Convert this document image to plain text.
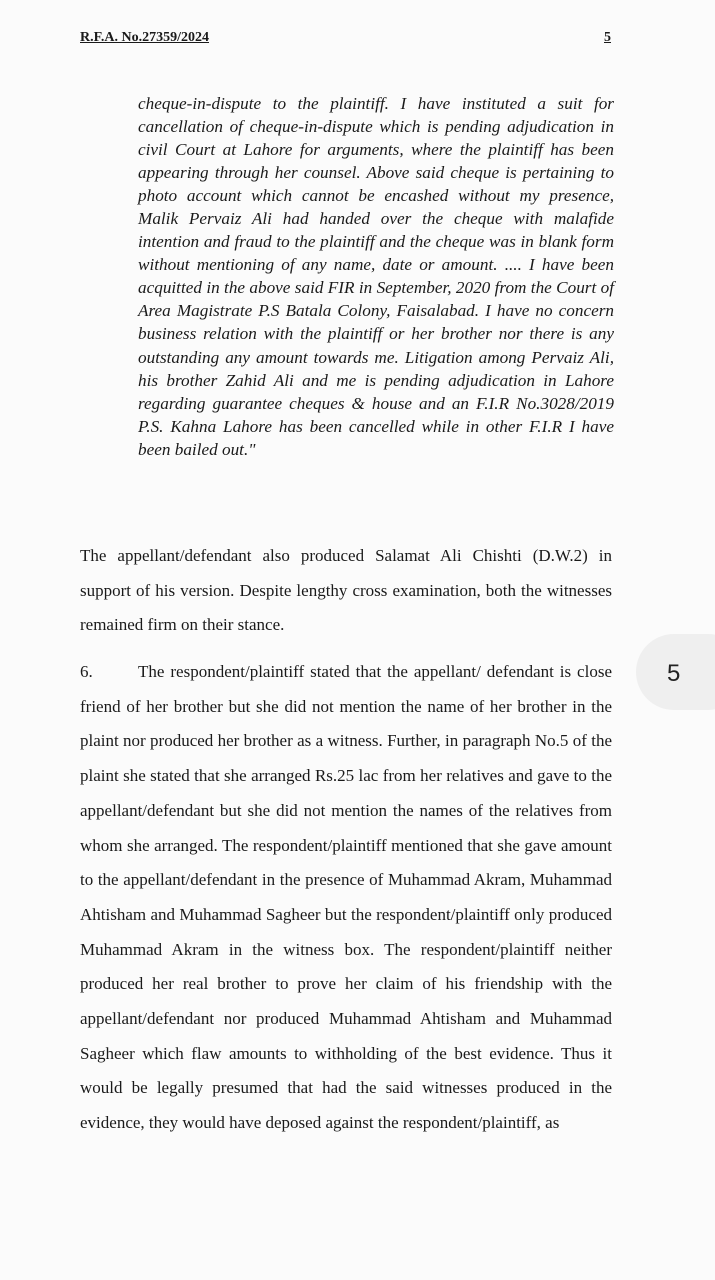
R.F.A. No.27359/2024	5

cheque-in-dispute to the plaintiff. I have instituted a suit for cancellation of cheque-in-dispute which is pending adjudication in civil Court at Lahore for arguments, where the plaintiff has been appearing through her counsel. Above said cheque is pertaining to photo account which cannot be encashed without my presence, Malik Pervaiz Ali had handed over the cheque with malafide intention and fraud to the plaintiff and the cheque was in blank form without mentioning of any name, date or amount. .... I have been acquitted in the above said FIR in September, 2020 from the Court of Area Magistrate P.S Batala Colony, Faisalabad. I have no concern business relation with the plaintiff or her brother nor there is any outstanding any amount towards me. Litigation among Pervaiz Ali, his brother Zahid Ali and me is pending adjudication in Lahore regarding guarantee cheques & house and an F.I.R No.3028/2019 P.S. Kahna Lahore has been cancelled while in other F.I.R I have been bailed out."

The appellant/defendant also produced Salamat Ali Chishti (D.W.2) in support of his version. Despite lengthy cross examination, both the witnesses remained firm on their stance.

6.	The respondent/plaintiff stated that the appellant/ defendant is close friend of her brother but she did not mention the name of her brother in the plaint nor produced her brother as a witness. Further, in paragraph No.5 of the plaint she stated that she arranged Rs.25 lac from her relatives and gave to the appellant/defendant but she did not mention the names of the relatives from whom she arranged. The respondent/plaintiff mentioned that she gave amount to the appellant/defendant in the presence of Muhammad Akram, Muhammad Ahtisham and Muhammad Sagheer but the respondent/plaintiff only produced Muhammad Akram in the witness box. The respondent/plaintiff neither produced her real brother to prove her claim of his friendship with the appellant/defendant nor produced Muhammad Ahtisham and Muhammad Sagheer which flaw amounts to withholding of the best evidence. Thus it would be legally presumed that had the said witnesses produced in the evidence, they would have deposed against the respondent/plaintiff, as

5
